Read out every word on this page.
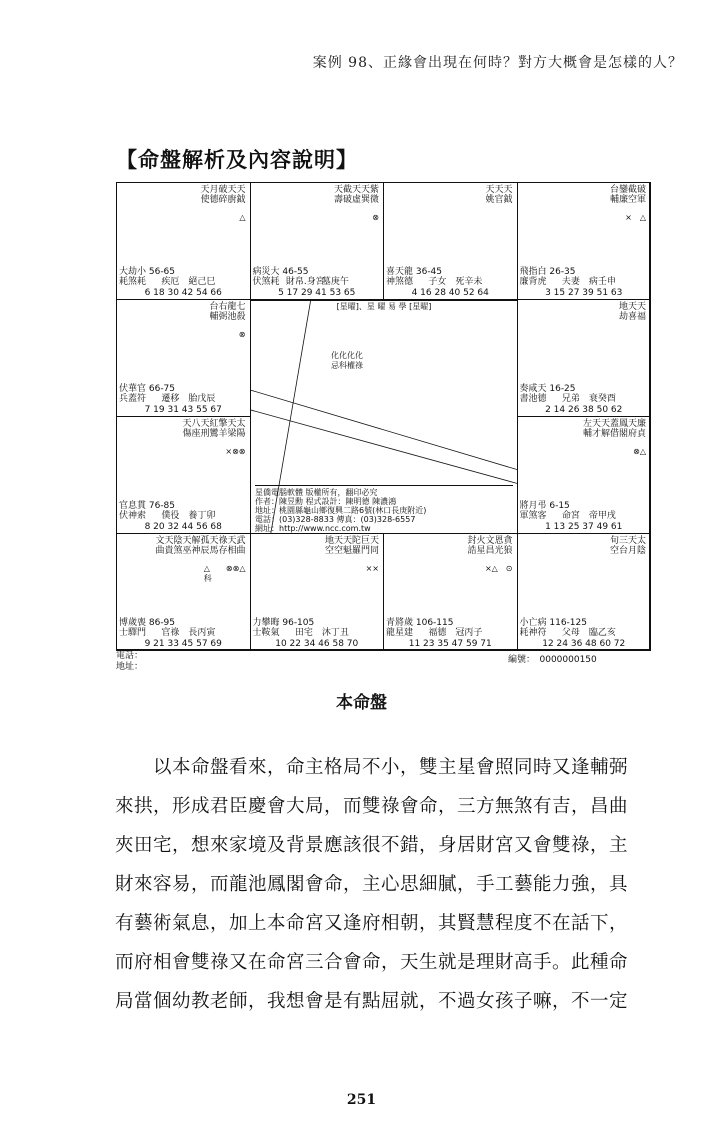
案例 98、正緣會出現在何時？對方大概會是怎樣的人？
【命盤解析及內容說明】
台右龍七
輔弼池殺
⊗
伏華官 66-75
兵蓋符 遷移 胎戊辰
7 19 31 43 55 67
天八天紅擎天太
傷座刑鸞羊梁陽
×⊗⊗
官息貫 76-85
伏神索 僕役 養丁卯
8 20 32 44 56 68
文天陰天解孤天祿天武
曲貴煞巫神辰馬存相曲
△　　⊗⊗△
科
博歲喪 86-95
士驛門 官祿 長丙寅
9 21 33 45 57 69
地天天陀巨天
空空魁羅門同
××
力攀晦 96-105
士鞍氣 田宅 沐丁丑
10 22 34 46 58 70
封火文恩貪
誥星昌光狼
×△　⊙
青將歲 106-115
龍星建 福德 冠丙子
11 23 35 47 59 71
旬三天太
空台月陰
小亡病 116-125
耗神符 父母 臨乙亥
12 24 36 48 60 72
左天天蓋鳳天廉
輔才解借閣府貞
⊗△
將月弔 6-15
軍煞客 命宮 帝甲戌
1 13 25 37 49 61
地天天
劫喜福
奏咸天 16-25
書池德 兄弟 衰癸酉
2 14 26 38 50 62
台鑾截破
輔廉空軍
×　△
飛指白 26-35
廉背虎 夫妻 病壬申
3 15 27 39 51 63
天天天
姚官鉞
喜天龍 36-45
神煞德 子女 死辛未
4 16 28 40 52 64
天截天天紫
壽破虛巽微
⊗
病災大 46-55
伏煞耗 財帛.身宮墓庚午
5 17 29 41 53 65
天月破天天
使德碎廚鉞
△
大劫小 56-65
耗煞耗 疾厄 絕己巳
6 18 30 42 54 66
[星曜]、星 曜 易 學 [星曜]
化化化化
忌科權祿
星僑電腦軟體 版權所有，翻印必究
作者：陳昱勳 程式設計：陳明德 陳濃鴻
地址：桃園縣龜山鄉復興二路6號(林口長庚附近)
電話：(03)328-8833 傳真：(03)328-6557
網址：http://www.ncc.com.tw
電話：
地址：
編號：　0000000150
本命盤

　　以本命盤看來，命主格局不小，雙主星會照同時又逢輔弼

來拱，形成君臣慶會大局，而雙祿會命，三方無煞有吉，昌曲

夾田宅，想來家境及背景應該很不錯，身居財宮又會雙祿，主

財來容易，而龍池鳳閣會命，主心思細膩，手工藝能力強，具

有藝術氣息，加上本命宮又逢府相朝，其賢慧程度不在話下，

而府相會雙祿又在命宮三合會命，天生就是理財高手。此種命

局當個幼教老師，我想會是有點屈就，不過女孩子嘛，不一定

251
